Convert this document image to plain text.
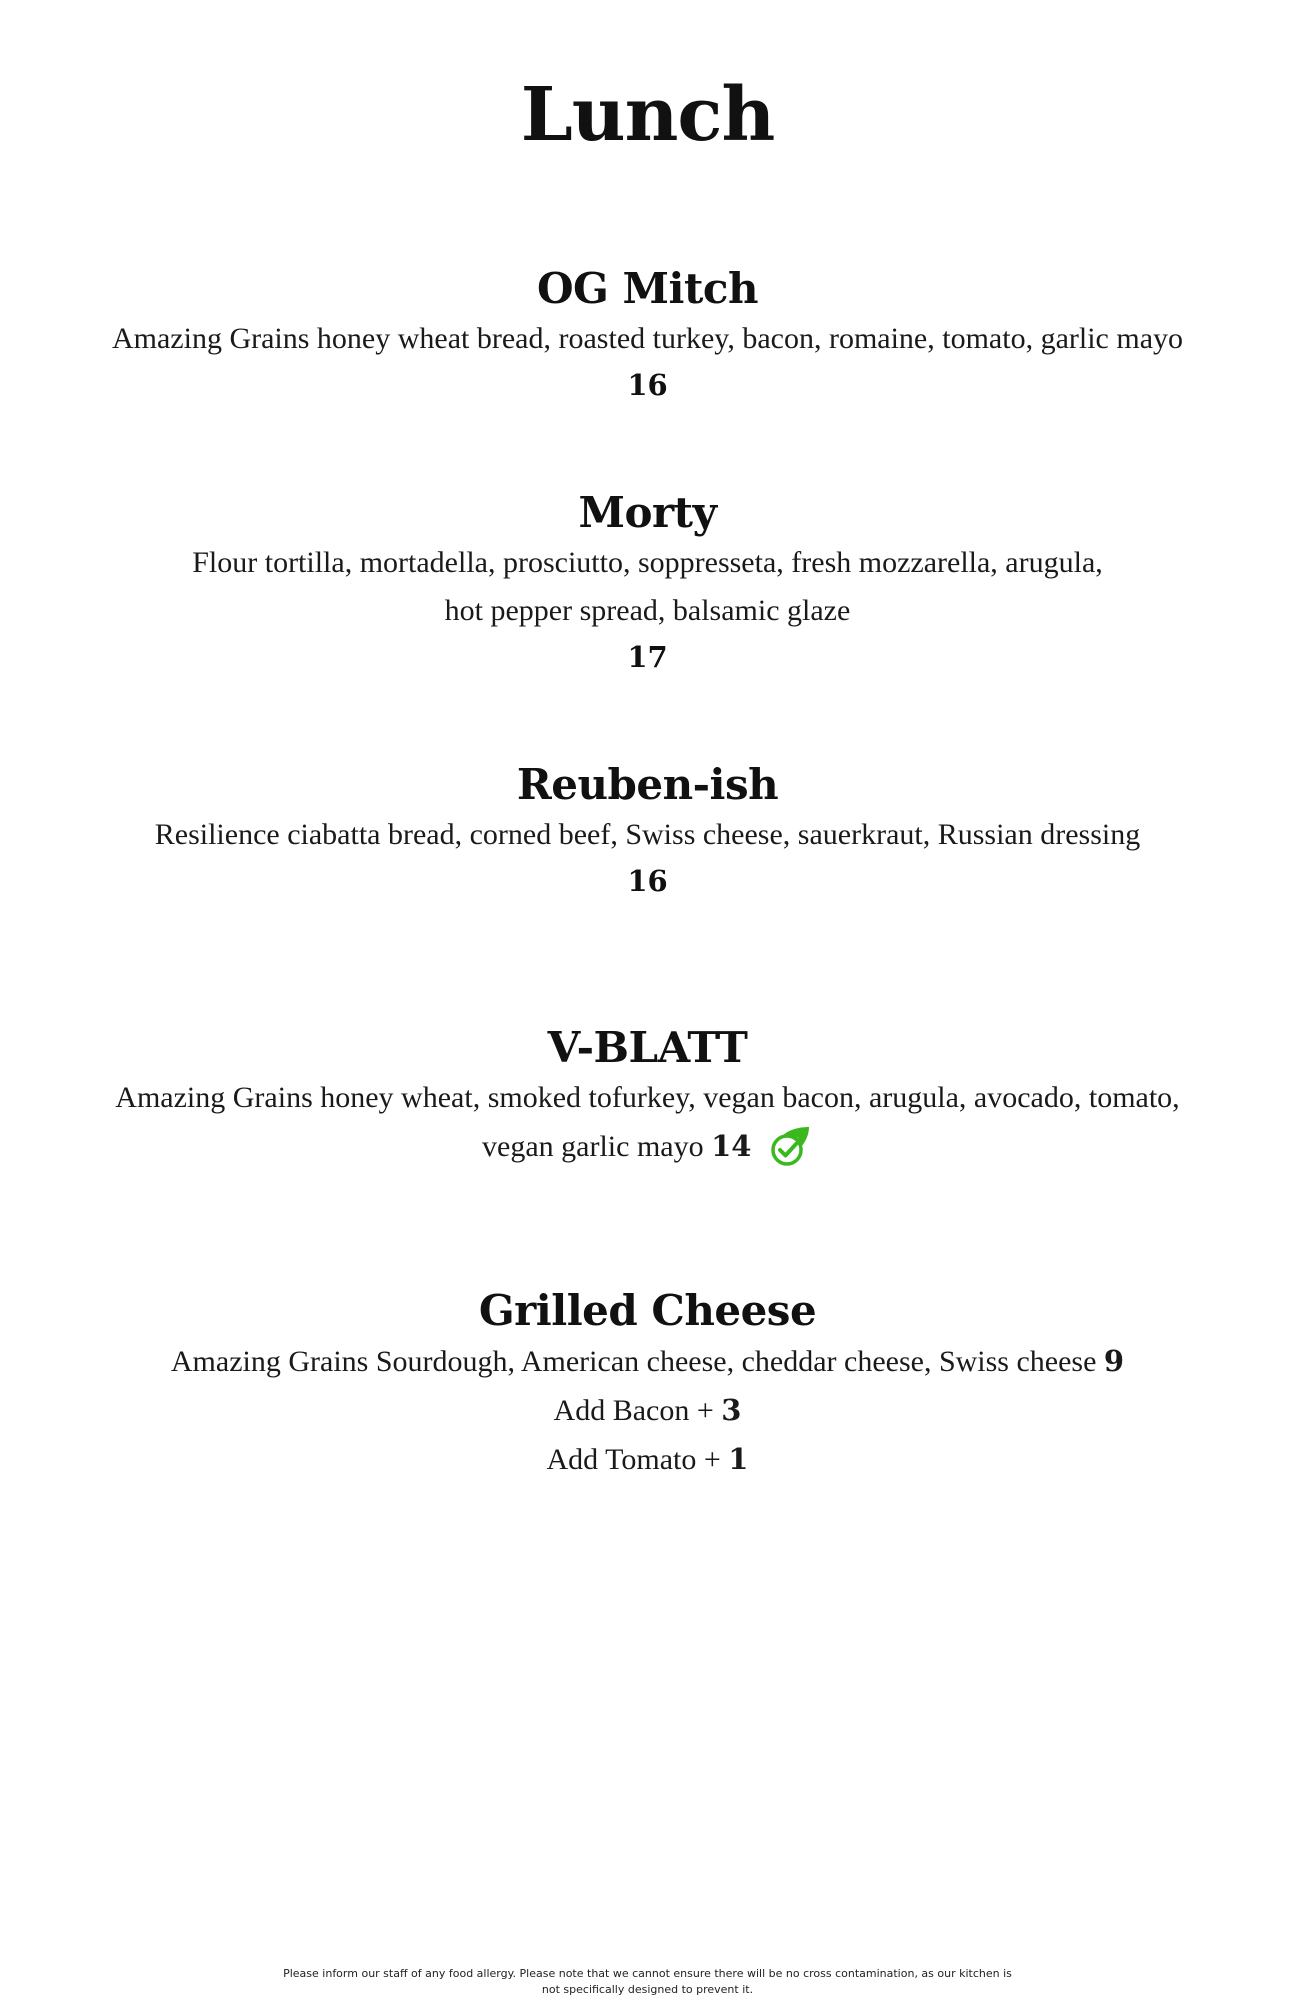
Lunch
OG Mitch
Amazing Grains honey wheat bread, roasted turkey, bacon, romaine, tomato, garlic mayo
16
Morty
Flour tortilla, mortadella, prosciutto, soppresseta, fresh mozzarella, arugula,
hot pepper spread, balsamic glaze
17
Reuben-ish
Resilience ciabatta bread, corned beef, Swiss cheese, sauerkraut, Russian dressing
16
V-BLATT
Amazing Grains honey wheat, smoked tofurkey, vegan bacon, arugula, avocado, tomato,
vegan garlic mayo 14
Grilled Cheese
Amazing Grains Sourdough, American cheese, cheddar cheese, Swiss cheese 9
Add Bacon + 3
Add Tomato + 1
Please inform our staff of any food allergy. Please note that we cannot ensure there will be no cross contamination, as our kitchen is
not specifically designed to prevent it.
